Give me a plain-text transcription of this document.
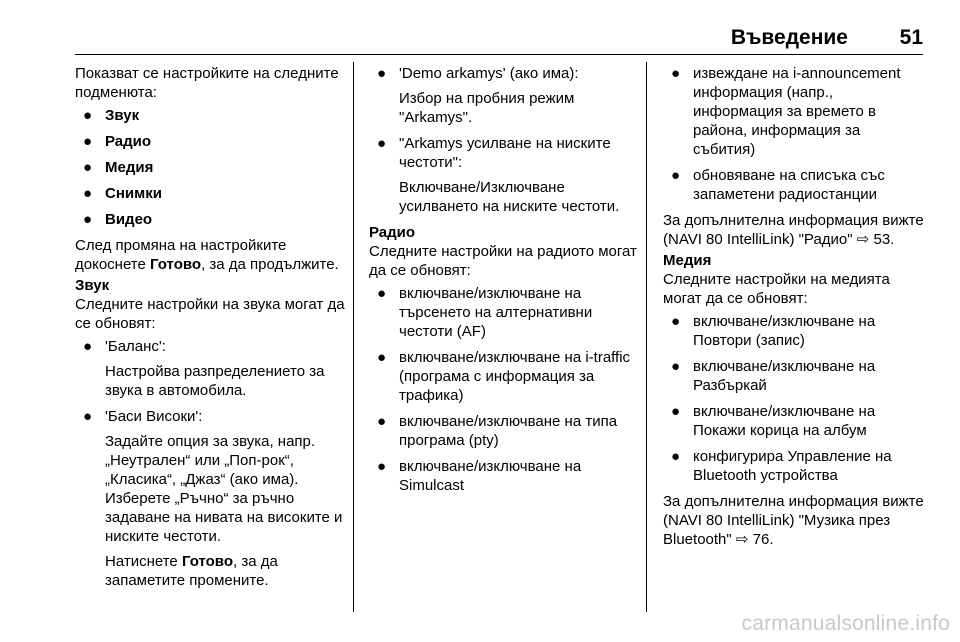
Въведение 51

Показват се настройките на следните подменюта:

● Звук
● Радио
● Медия
● Снимки
● Видео

След промяна на настройките докоснете Готово, за да продължите.

Звук

Следните настройки на звука могат да се обновят:

● 'Баланс':

Настройва разпределението за звука в автомобила.

● 'Баси Високи':

Задайте опция за звука, напр. „Неутрален“ или „Поп-рок“, „Класика“, „Джаз“ (ако има). Изберете „Ръчно“ за ръчно задаване на нивата на високите и ниските честоти.

Натиснете Готово, за да запаметите промените.

● 'Demo arkamys' (ако има):

Избор на пробния режим "Arkamys".

● "Arkamys усилване на ниските честоти":

Включване/Изключване усилването на ниските честоти.

Радио

Следните настройки на радиото могат да се обновят:

● включване/изключване на търсенето на алтернативни честоти (AF)
● включване/изключване на i-traffic (програма с информация за трафика)
● включване/изключване на типа програма (pty)
● включване/изключване на Simulcast
● извеждане на i-announcement информация (напр., информация за времето в района, информация за събития)
● обновяване на списъка със запаметени радиостанции

За допълнителна информация вижте (NAVI 80 IntelliLink) "Радио" ⇨ 53.

Медия

Следните настройки на медията могат да се обновят:

● включване/изключване на Повтори (запис)
● включване/изключване на Разбъркай
● включване/изключване на Покажи корица на албум
● конфигурира Управление на Bluetooth устройства

За допълнителна информация вижте (NAVI 80 IntelliLink) "Музика през Bluetooth" ⇨ 76.

carmanualsonline.info
